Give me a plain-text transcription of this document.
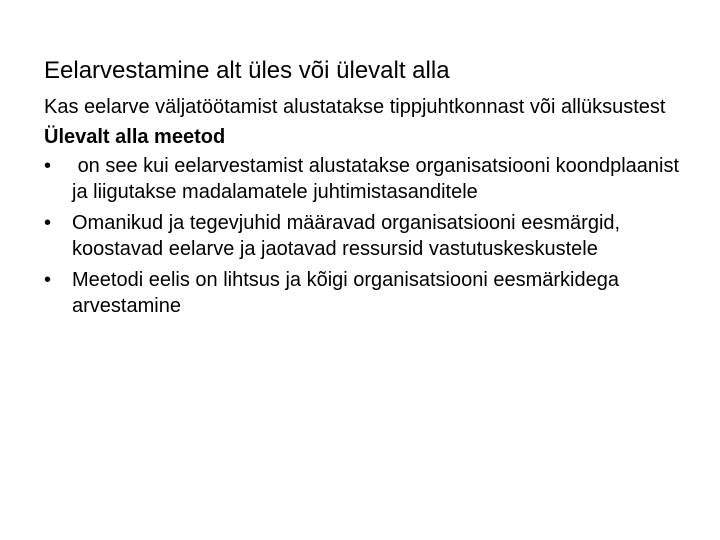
Eelarvestamine alt üles või ülevalt alla

Kas eelarve väljatöötamist alustatakse tippjuhtkonnast või allüksustest

Ülevalt alla meetod

• on see kui eelarvestamist alustatakse organisatsiooni koondplaanist ja liigutakse madalamatele juhtimistasanditele
• Omanikud ja tegevjuhid määravad organisatsiooni eesmärgid, koostavad eelarve ja jaotavad ressursid vastutuskeskustele
• Meetodi eelis on lihtsus ja kõigi organisatsiooni eesmärkidega arvestamine
